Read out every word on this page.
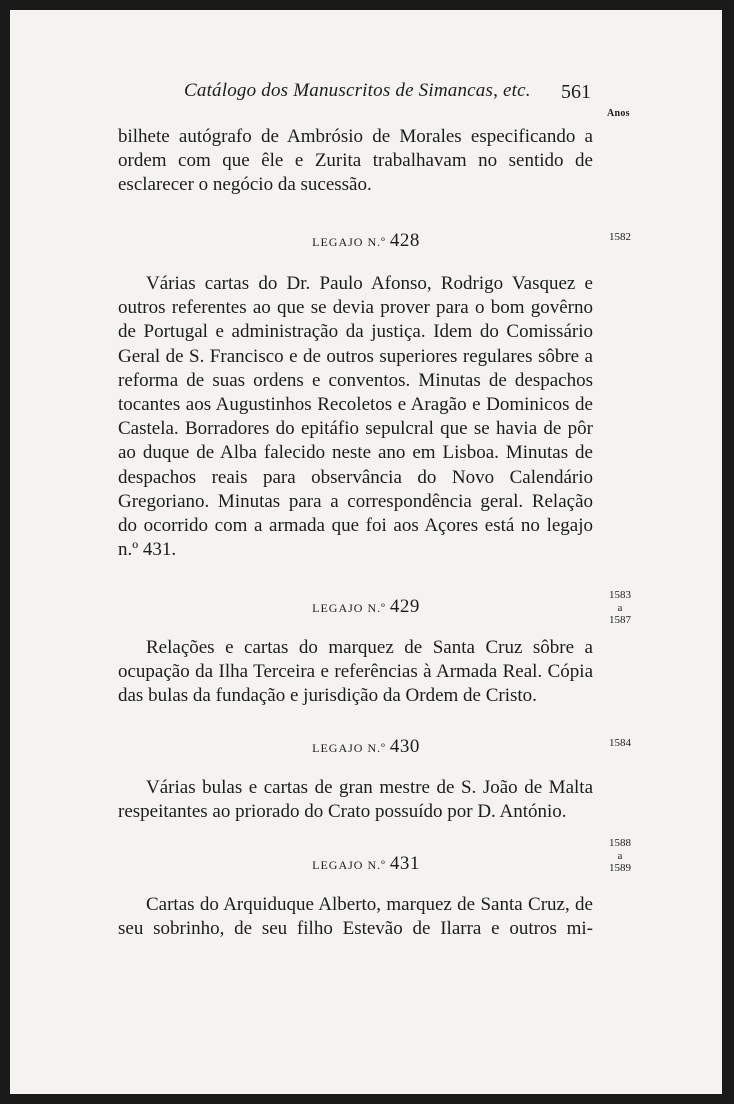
Catálogo dos Manuscritos de Simancas, etc. 561
Anos
bilhete autógrafo de Ambrósio de Morales especificando a ordem com que êle e Zurita trabalhavam no sentido de esclarecer o negócio da sucessão.
LEGAJO N.º 428	1582
Várias cartas do Dr. Paulo Afonso, Rodrigo Vasquez e outros referentes ao que se devia prover para o bom govêrno de Portugal e administração da justiça. Idem do Comissário Geral de S. Francisco e de outros superiores regulares sôbre a reforma de suas ordens e conventos. Minutas de despachos tocantes aos Augustinhos Recoletos e Aragão e Dominicos de Castela. Borradores do epitáfio sepulcral que se havia de pôr ao duque de Alba falecido neste ano em Lisboa. Minutas de despachos reais para observância do Novo Calendário Gregoriano. Minutas para a correspondência geral. Relação do ocorrido com a armada que foi aos Açores está no legajo n.º 431.
LEGAJO N.º 429
1583
a
1587
Relações e cartas do marquez de Santa Cruz sôbre a ocupação da Ilha Terceira e referências à Armada Real. Cópia das bulas da fundação e jurisdição da Ordem de Cristo.
LEGAJO N.º 430	1584
Várias bulas e cartas de gran mestre de S. João de Malta respeitantes ao priorado do Crato possuído por D. António.
LEGAJO N.º 431
1588
a
1589
Cartas do Arquiduque Alberto, marquez de Santa Cruz, de seu sobrinho, de seu filho Estevão de Ilarra e outros mi-
